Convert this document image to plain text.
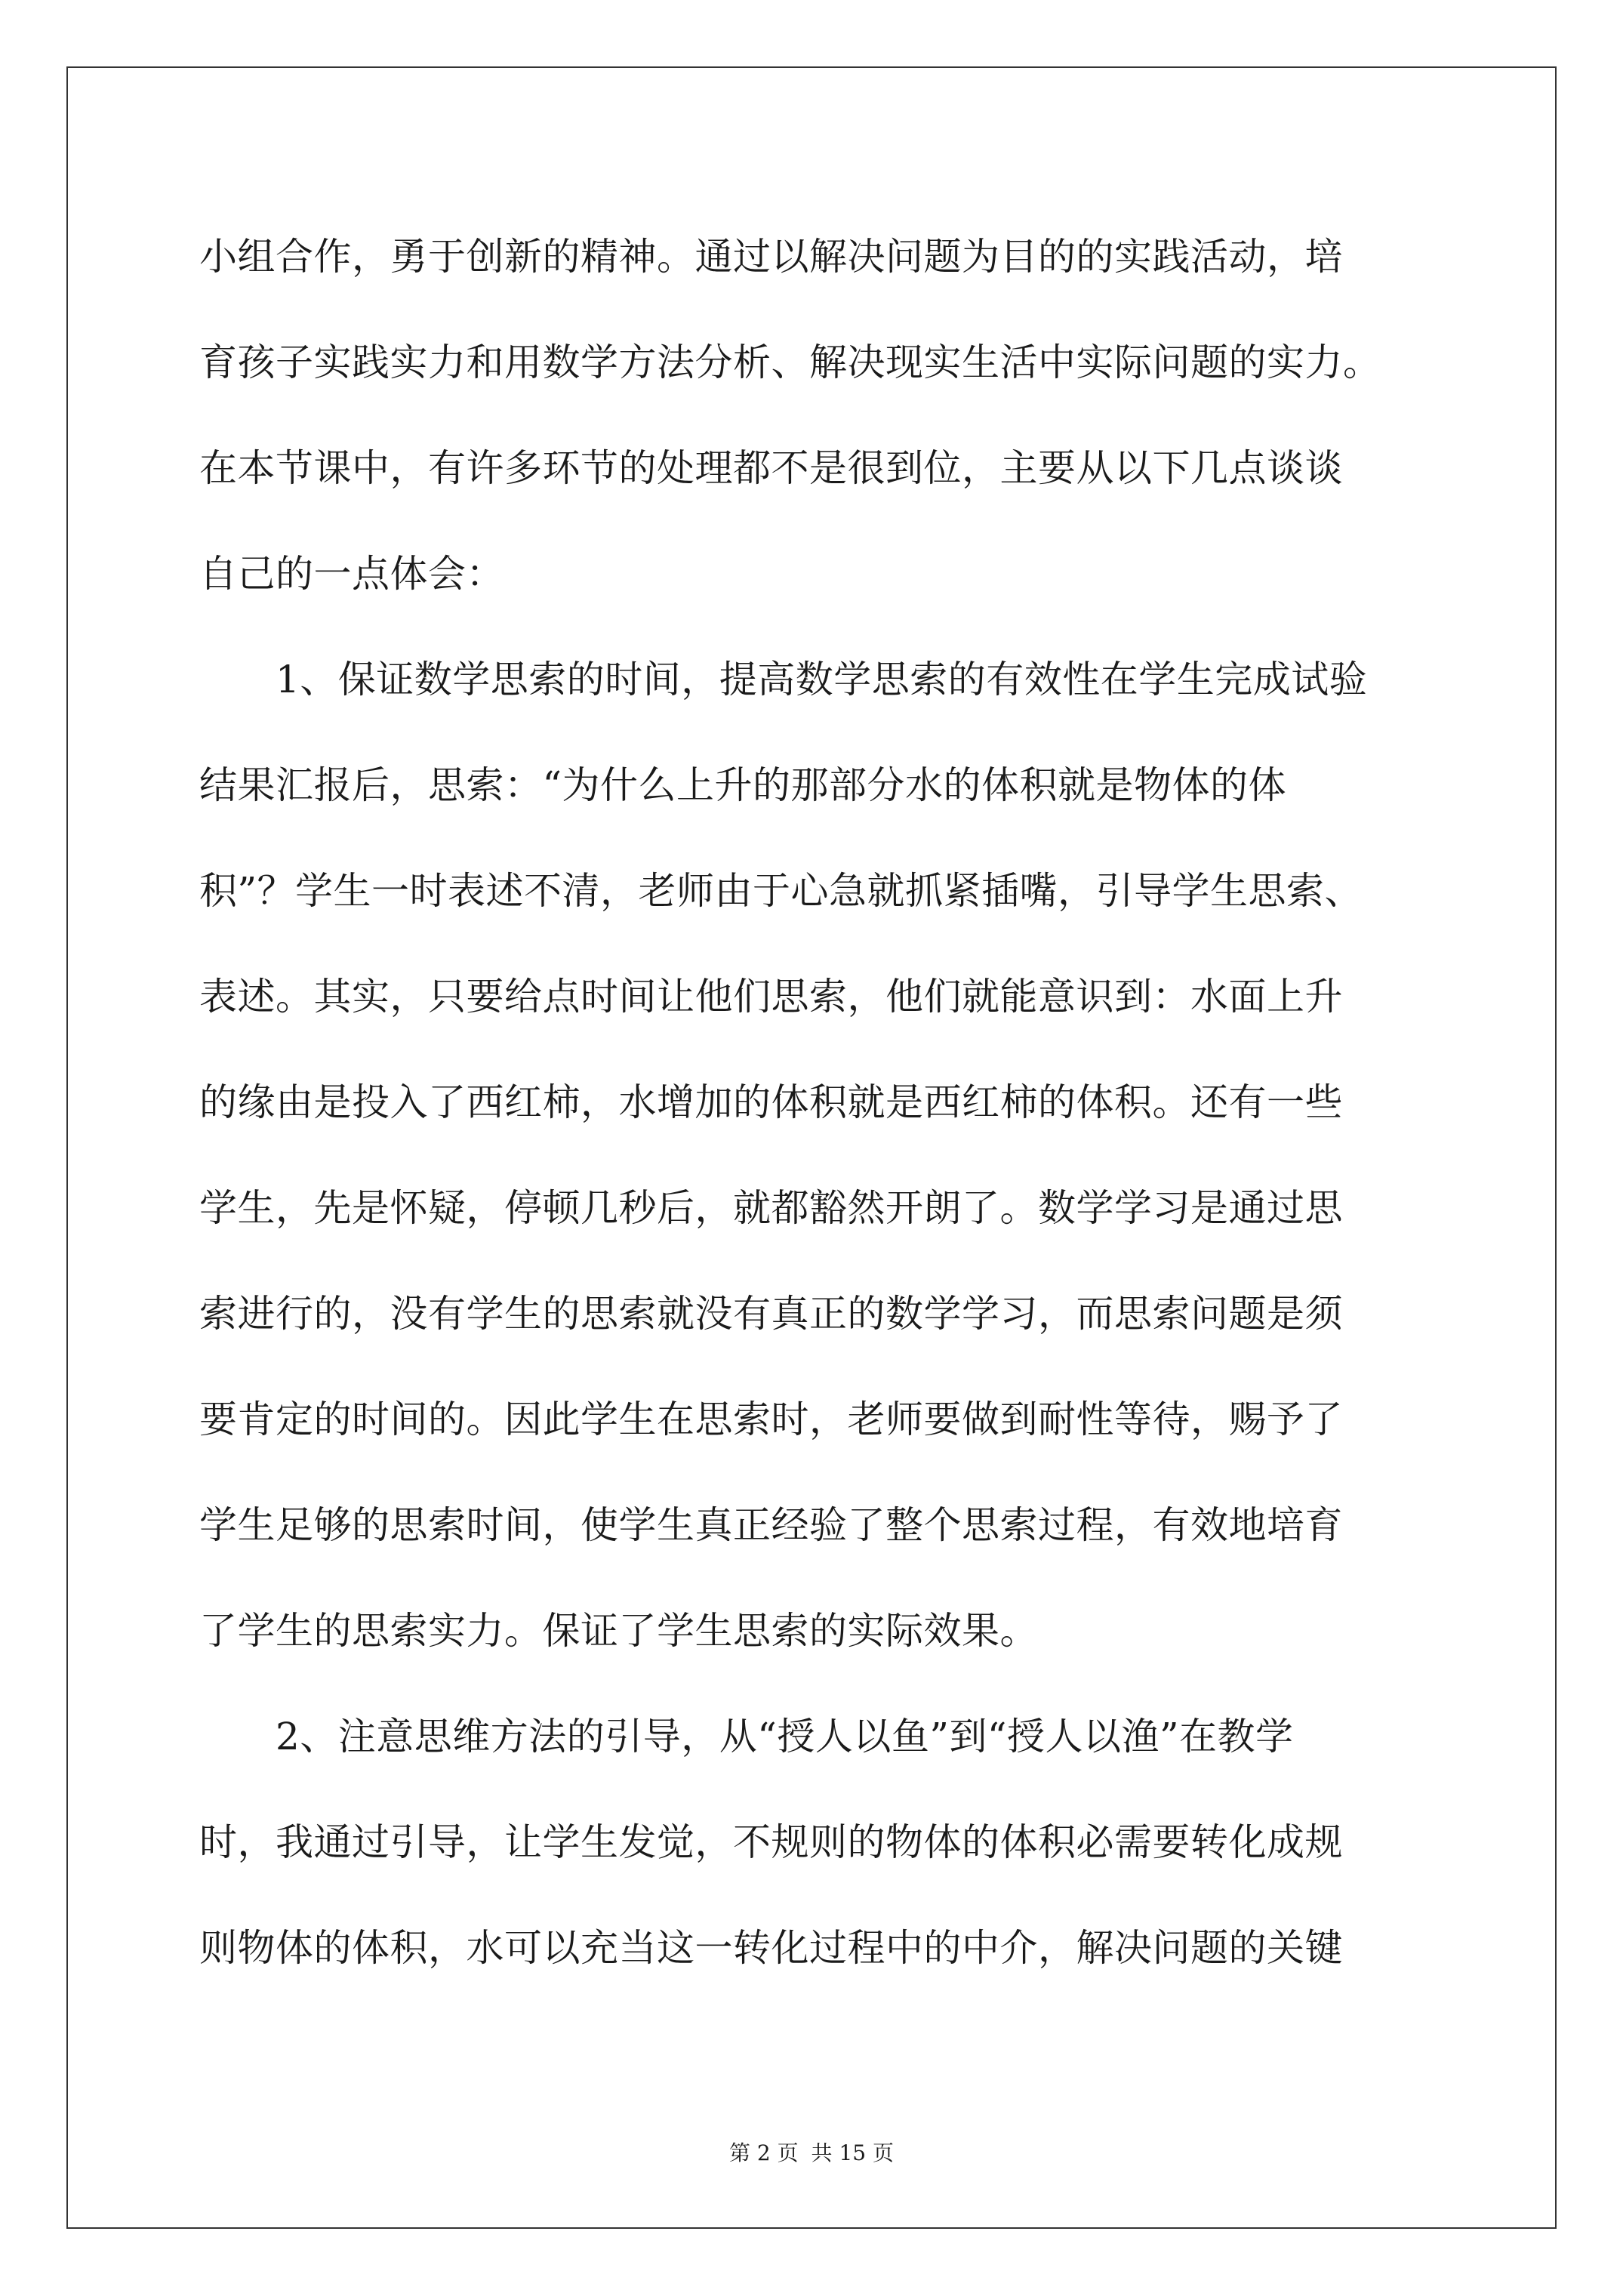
小组合作，勇于创新的精神。通过以解决问题为目的的实践活动，培
育孩子实践实力和用数学方法分析、解决现实生活中实际问题的实力。
在本节课中，有许多环节的处理都不是很到位，主要从以下几点谈谈
自己的一点体会：
　　1、保证数学思索的时间，提高数学思索的有效性在学生完成试验
结果汇报后，思索：“为什么上升的那部分水的体积就是物体的体
积”？学生一时表述不清，老师由于心急就抓紧插嘴，引导学生思索、
表述。其实，只要给点时间让他们思索，他们就能意识到：水面上升
的缘由是投入了西红柿，水增加的体积就是西红柿的体积。还有一些
学生，先是怀疑，停顿几秒后，就都豁然开朗了。数学学习是通过思
索进行的，没有学生的思索就没有真正的数学学习，而思索问题是须
要肯定的时间的。因此学生在思索时，老师要做到耐性等待，赐予了
学生足够的思索时间，使学生真正经验了整个思索过程，有效地培育
了学生的思索实力。保证了学生思索的实际效果。
　　2、注意思维方法的引导，从“授人以鱼”到“授人以渔”在教学
时，我通过引导，让学生发觉，不规则的物体的体积必需要转化成规
则物体的体积，水可以充当这一转化过程中的中介，解决问题的关键
第 2 页 共 15 页
